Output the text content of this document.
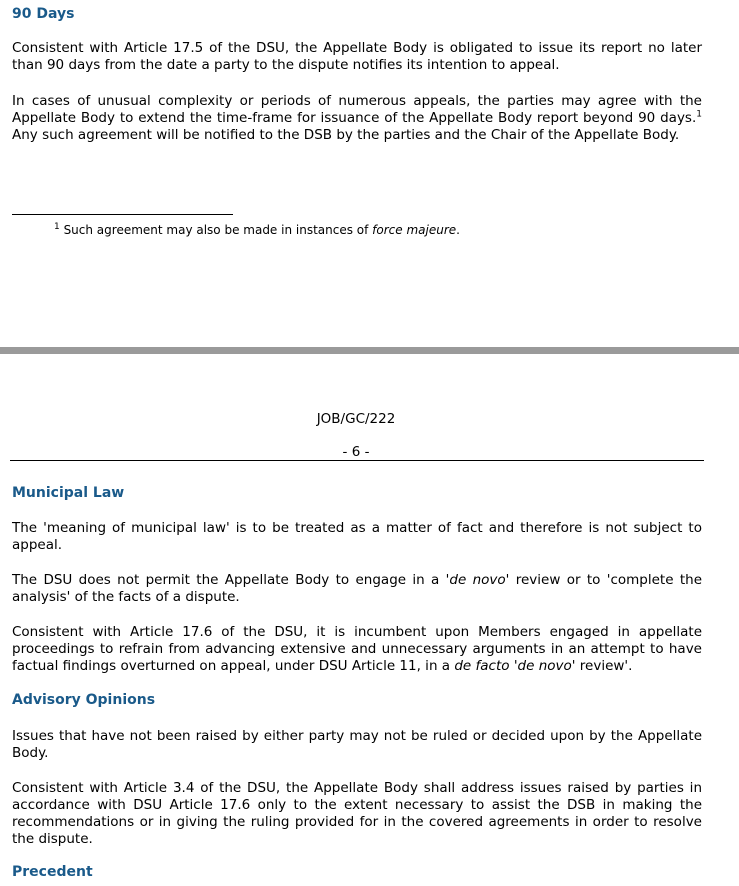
90 Days

Consistent with Article 17.5 of the DSU, the Appellate Body is obligated to issue its report no later than 90 days from the date a party to the dispute notifies its intention to appeal.

In cases of unusual complexity or periods of numerous appeals, the parties may agree with the Appellate Body to extend the time-frame for issuance of the Appellate Body report beyond 90 days.$^1$ Any such agreement will be notified to the DSB by the parties and the Chair of the Appellate Body.

$^1$ Such agreement may also be made in instances of force majeure.
JOB/GC/222
- 6 -
Municipal Law

The 'meaning of municipal law' is to be treated as a matter of fact and therefore is not subject to appeal.

The DSU does not permit the Appellate Body to engage in a 'de novo' review or to 'complete the analysis' of the facts of a dispute.

Consistent with Article 17.6 of the DSU, it is incumbent upon Members engaged in appellate proceedings to refrain from advancing extensive and unnecessary arguments in an attempt to have factual findings overturned on appeal, under DSU Article 11, in a de facto 'de novo' review'.

Advisory Opinions

Issues that have not been raised by either party may not be ruled or decided upon by the Appellate Body.

Consistent with Article 3.4 of the DSU, the Appellate Body shall address issues raised by parties in accordance with DSU Article 17.6 only to the extent necessary to assist the DSB in making the recommendations or in giving the ruling provided for in the covered agreements in order to resolve the dispute.

Precedent
